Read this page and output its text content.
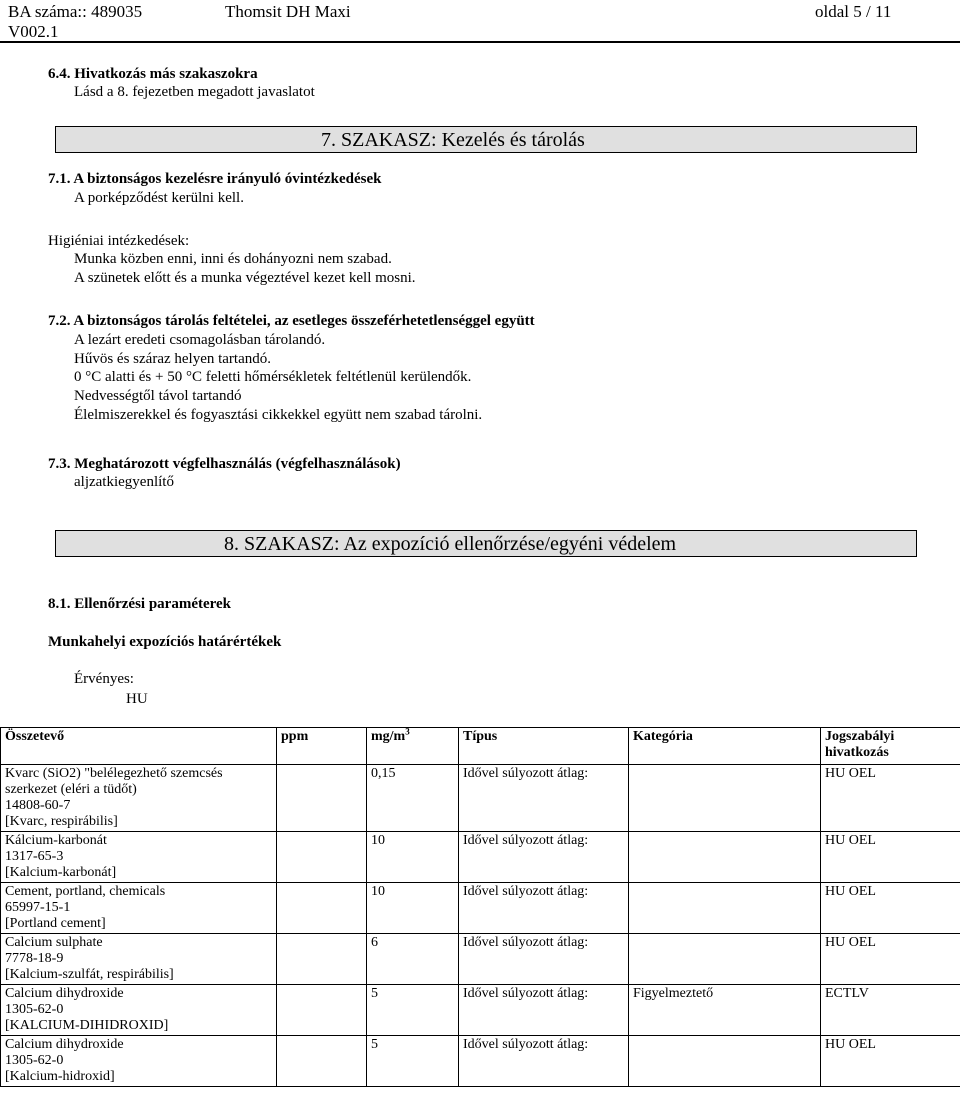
BA száma:: 489035	Thomsit DH Maxi	oldal 5 / 11
V002.1
6.4. Hivatkozás más szakaszokra
Lásd a 8. fejezetben megadott javaslatot
7. SZAKASZ: Kezelés és tárolás
7.1. A biztonságos kezelésre irányuló óvintézkedések
A porképződést kerülni kell.
Higiéniai intézkedések:
Munka közben enni, inni és dohányozni nem szabad.
A szünetek előtt és a munka végeztével kezet kell mosni.
7.2. A biztonságos tárolás feltételei, az esetleges összeférhetetlenséggel együtt
A lezárt eredeti csomagolásban tárolandó.
Hűvös és száraz helyen tartandó.
0 °C alatti és + 50 °C feletti hőmérsékletek feltétlenül kerülendők.
Nedvességtől távol tartandó
Élelmiszerekkel és fogyasztási cikkekkel együtt nem szabad tárolni.
7.3. Meghatározott végfelhasználás (végfelhasználások)
aljzatkiegyenlítő
8. SZAKASZ: Az expozíció ellenőrzése/egyéni védelem
8.1. Ellenőrzési paraméterek
Munkahelyi expozíciós határértékek
Érvényes:
HU
Összetevő	ppm	$mg/m^3$	Típus	Kategória	Jogszabályi hivatkozás

Kvarc (SiO2) "belélegezhető szemcsés
szerkezet (eléri a tüdőt)
14808-60-7
[Kvarc, respirábilis]		0,15	Idővel súlyozott átlag:		HU OEL

Kálcium-karbonát
1317-65-3
[Kalcium-karbonát]		10	Idővel súlyozott átlag:		HU OEL

Cement, portland, chemicals
65997-15-1
[Portland cement]		10	Idővel súlyozott átlag:		HU OEL

Calcium sulphate
7778-18-9
[Kalcium-szulfát, respirábilis]		6	Idővel súlyozott átlag:		HU OEL

Calcium dihydroxide
1305-62-0
[KALCIUM-DIHIDROXID]		5	Idővel súlyozott átlag:	Figyelmeztető	ECTLV

Calcium dihydroxide
1305-62-0
[Kalcium-hidroxid]		5	Idővel súlyozott átlag:		HU OEL
